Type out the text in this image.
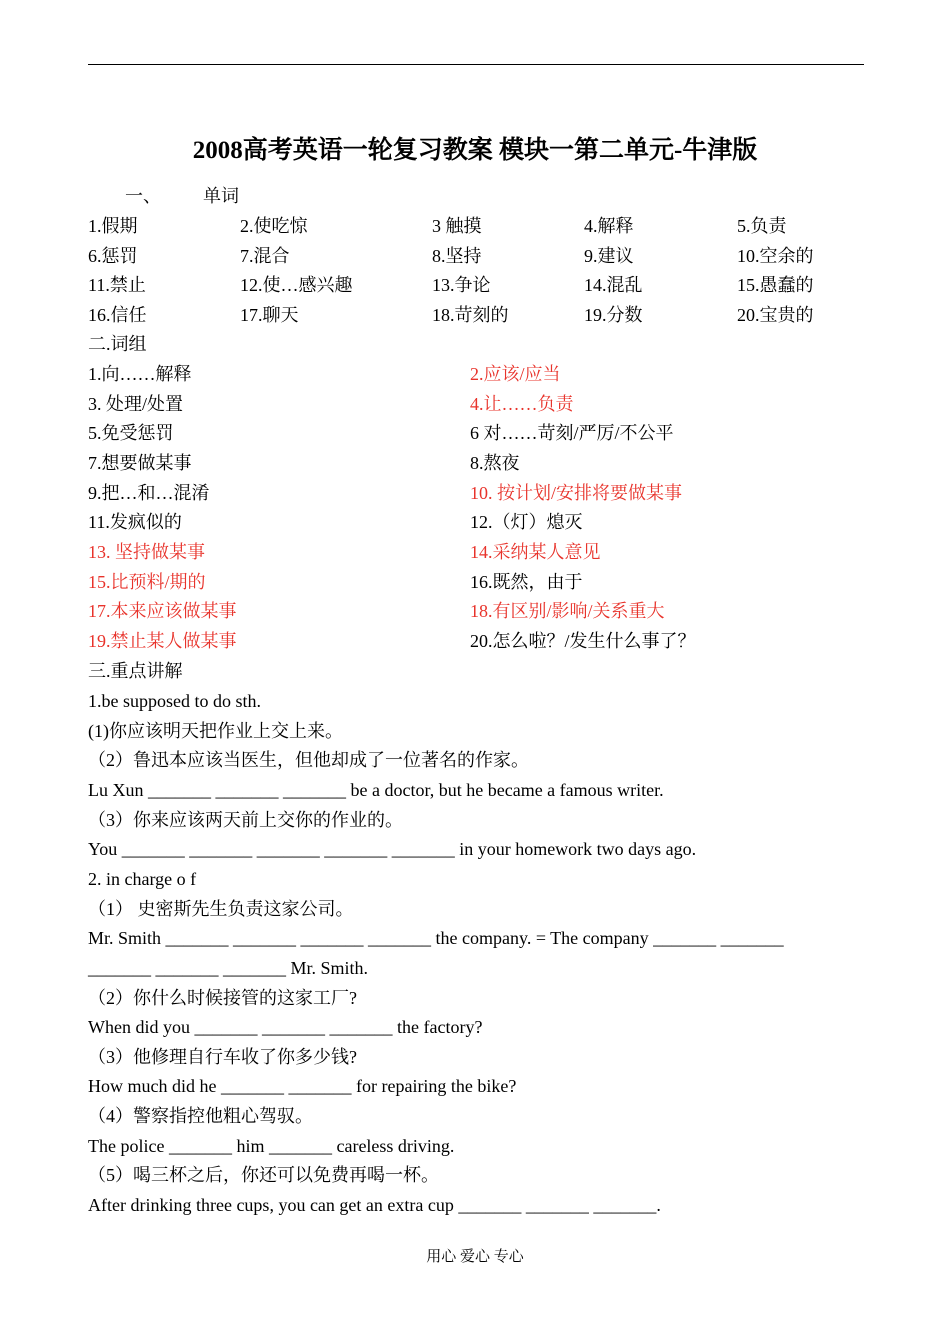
2008高考英语一轮复习教案 模块一第二单元-牛津版
一、 单词
1.假期	2.使吃惊	3 触摸	4.解释	5.负责
6.惩罚	7.混合	8.坚持	9.建议	10.空余的
11.禁止	12.使…感兴趣	13.争论	14.混乱	15.愚蠢的
16.信任	17.聊天	18.苛刻的	19.分数	20.宝贵的
二.词组
1.向……解释	2.应该/应当
3. 处理/处置	4.让……负责
5.免受惩罚	6 对……苛刻/严厉/不公平
7.想要做某事	8.熬夜
9.把…和…混淆	10. 按计划/安排将要做某事
11.发疯似的	12.（灯）熄灭
13. 坚持做某事	14.采纳某人意见
15.比预料/期的	16.既然，由于
17.本来应该做某事	18.有区别/影响/关系重大
19.禁止某人做某事	20.怎么啦？/发生什么事了？
三.重点讲解
1.be supposed to do sth.
(1)你应该明天把作业上交上来。
（2）鲁迅本应该当医生，但他却成了一位著名的作家。
Lu Xun _______ _______ _______ be a doctor, but he became a famous writer.
（3）你来应该两天前上交你的作业的。
You _______ _______ _______ _______ _______ in your homework two days ago.
2. in charge o f
（1） 史密斯先生负责这家公司。
Mr. Smith _______ _______ _______ _______ the company. = The company _______ _______
_______ _______ _______ Mr. Smith.
（2）你什么时候接管的这家工厂?
When did you _______ _______ _______ the factory?
（3）他修理自行车收了你多少钱?
How much did he _______ _______ for repairing the bike?
（4）警察指控他粗心驾驭。
The police _______ him _______ careless driving.
（5）喝三杯之后，你还可以免费再喝一杯。
After drinking three cups, you can get an extra cup _______ _______ _______.
用心 爱心 专心
